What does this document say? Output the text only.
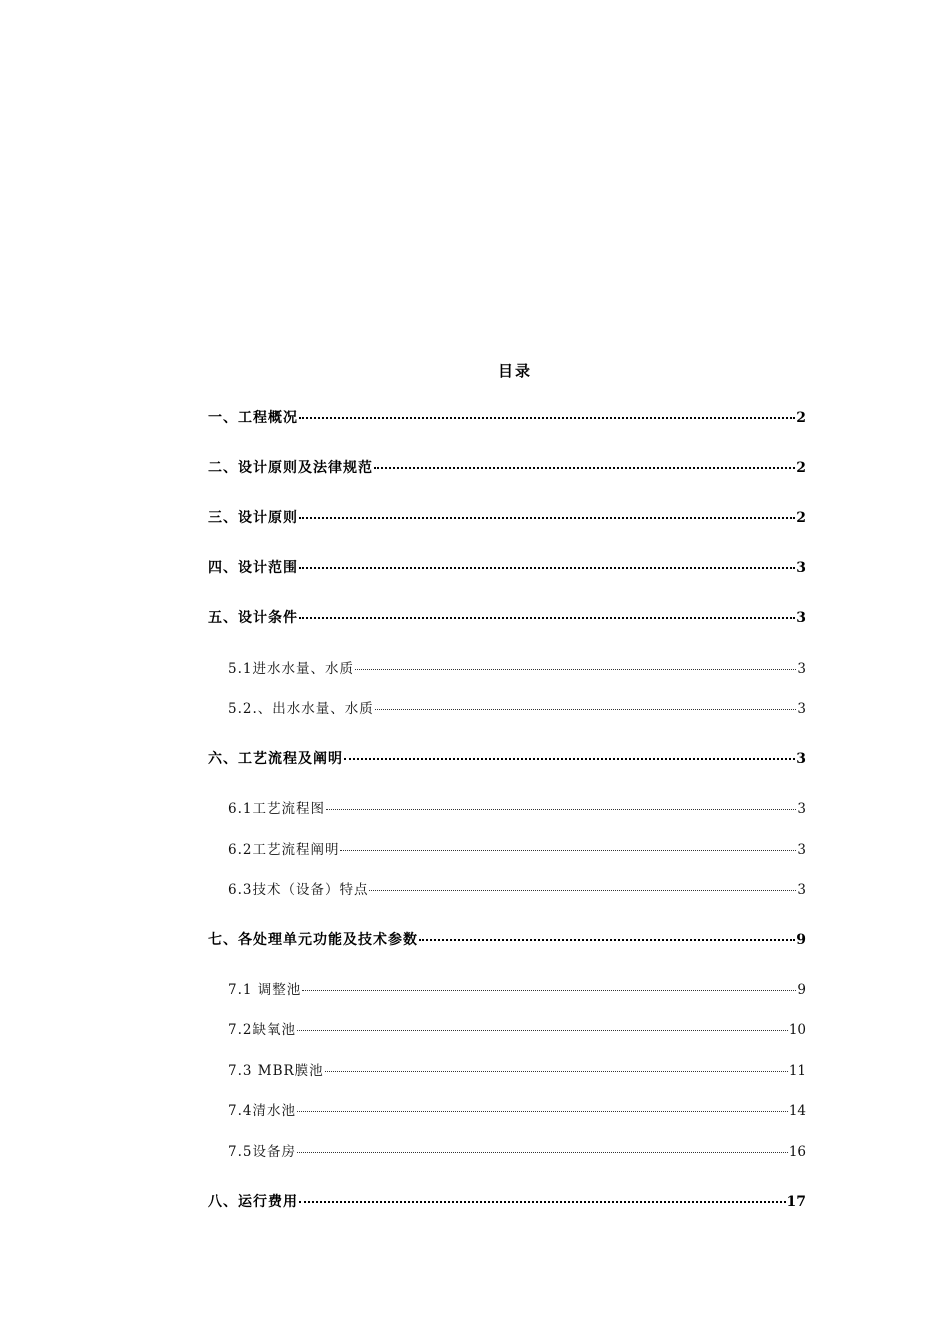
目录
一、工程概况	2
二、设计原则及法律规范	2
三、设计原则	2
四、设计范围	3
五、设计条件	3
5.1进水水量、水质	3
5.2.、出水水量、水质	3
六、工艺流程及阐明	3
6.1工艺流程图	3
6.2工艺流程阐明	3
6.3技术（设备）特点	3
七、各处理单元功能及技术参数	9
7.1 调整池	9
7.2缺氧池	10
7.3 MBR膜池	11
7.4清水池	14
7.5设备房	16
八、运行费用	17
